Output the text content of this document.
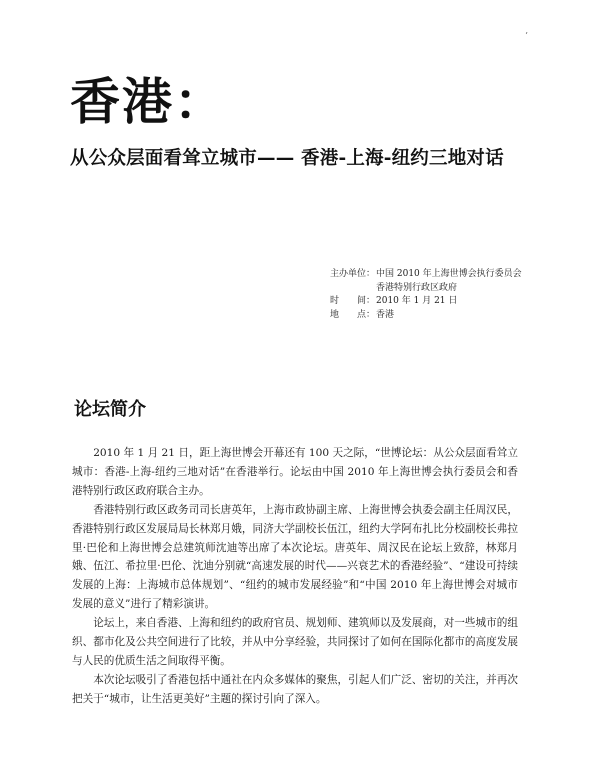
,
香港：
从公众层面看耸立城市—— 香港-上海-纽约三地对话
主办单位： 中国 2010 年上海世博会执行委员会
香港特别行政区政府
时　　间： 2010 年 1 月 21 日
地　　点： 香港
论坛简介

2010 年 1 月 21 日，距上海世博会开幕还有 100 天之际，“世博论坛：从公众层面看耸立城市：香港-上海-纽约三地对话”在香港举行。论坛由中国 2010 年上海世博会执行委员会和香港特别行政区政府联合主办。

香港特别行政区政务司司长唐英年，上海市政协副主席、上海世博会执委会副主任周汉民，香港特别行政区发展局局长林郑月娥，同济大学副校长伍江，纽约大学阿布扎比分校副校长弗拉里·巴伦和上海世博会总建筑师沈迪等出席了本次论坛。唐英年、周汉民在论坛上致辞，林郑月娥、伍江、希拉里·巴伦、沈迪分别就“高速发展的时代——兴衰艺术的香港经验”、“建设可持续发展的上海：上海城市总体规划”、“纽约的城市发展经验”和“中国 2010 年上海世博会对城市发展的意义”进行了精彩演讲。

论坛上，来自香港、上海和纽约的政府官员、规划师、建筑师以及发展商，对一些城市的组织、都市化及公共空间进行了比较，并从中分享经验，共同探讨了如何在国际化都市的高度发展与人民的优质生活之间取得平衡。

本次论坛吸引了香港包括中通社在内众多媒体的聚焦，引起人们广泛、密切的关注，并再次把关于“城市，让生活更美好”主题的探讨引向了深入。
